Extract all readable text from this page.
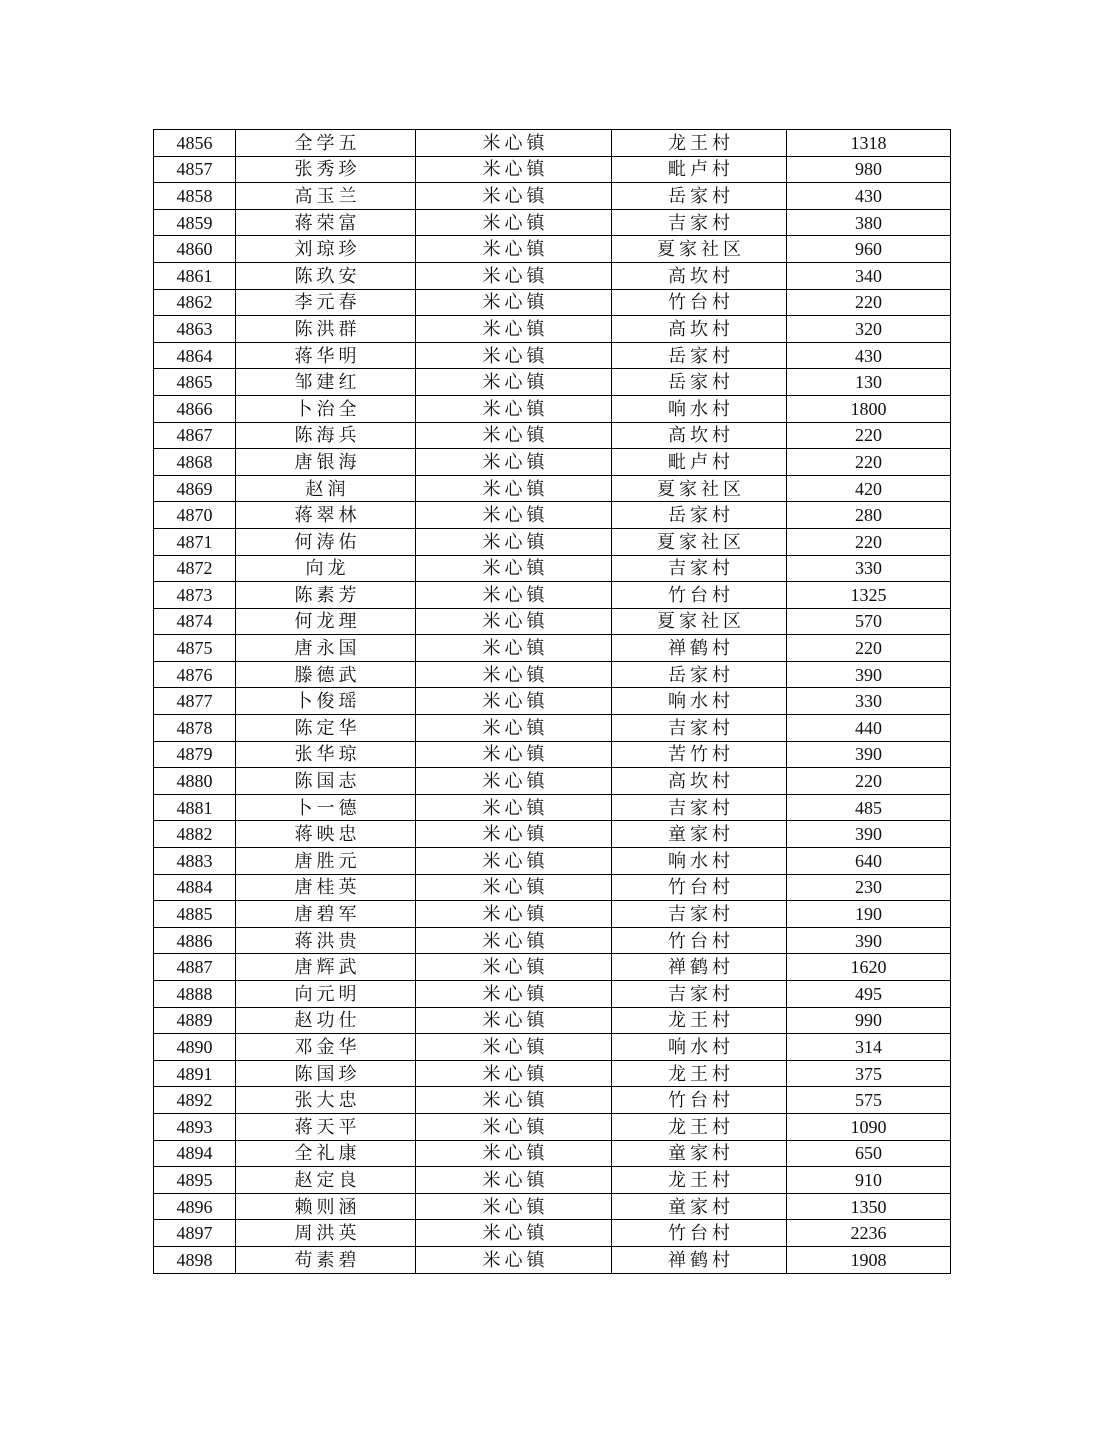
4856	全学五	米心镇	龙王村	1318
4857	张秀珍	米心镇	毗卢村	980
4858	高玉兰	米心镇	岳家村	430
4859	蒋荣富	米心镇	吉家村	380
4860	刘琼珍	米心镇	夏家社区	960
4861	陈玖安	米心镇	高坎村	340
4862	李元春	米心镇	竹台村	220
4863	陈洪群	米心镇	高坎村	320
4864	蒋华明	米心镇	岳家村	430
4865	邹建红	米心镇	岳家村	130
4866	卜治全	米心镇	响水村	1800
4867	陈海兵	米心镇	高坎村	220
4868	唐银海	米心镇	毗卢村	220
4869	赵润	米心镇	夏家社区	420
4870	蒋翠林	米心镇	岳家村	280
4871	何涛佑	米心镇	夏家社区	220
4872	向龙	米心镇	吉家村	330
4873	陈素芳	米心镇	竹台村	1325
4874	何龙理	米心镇	夏家社区	570
4875	唐永国	米心镇	禅鹤村	220
4876	滕德武	米心镇	岳家村	390
4877	卜俊瑶	米心镇	响水村	330
4878	陈定华	米心镇	吉家村	440
4879	张华琼	米心镇	苦竹村	390
4880	陈国志	米心镇	高坎村	220
4881	卜一德	米心镇	吉家村	485
4882	蒋映忠	米心镇	童家村	390
4883	唐胜元	米心镇	响水村	640
4884	唐桂英	米心镇	竹台村	230
4885	唐碧军	米心镇	吉家村	190
4886	蒋洪贵	米心镇	竹台村	390
4887	唐辉武	米心镇	禅鹤村	1620
4888	向元明	米心镇	吉家村	495
4889	赵功仕	米心镇	龙王村	990
4890	邓金华	米心镇	响水村	314
4891	陈国珍	米心镇	龙王村	375
4892	张大忠	米心镇	竹台村	575
4893	蒋天平	米心镇	龙王村	1090
4894	全礼康	米心镇	童家村	650
4895	赵定良	米心镇	龙王村	910
4896	赖则涵	米心镇	童家村	1350
4897	周洪英	米心镇	竹台村	2236
4898	苟素碧	米心镇	禅鹤村	1908
